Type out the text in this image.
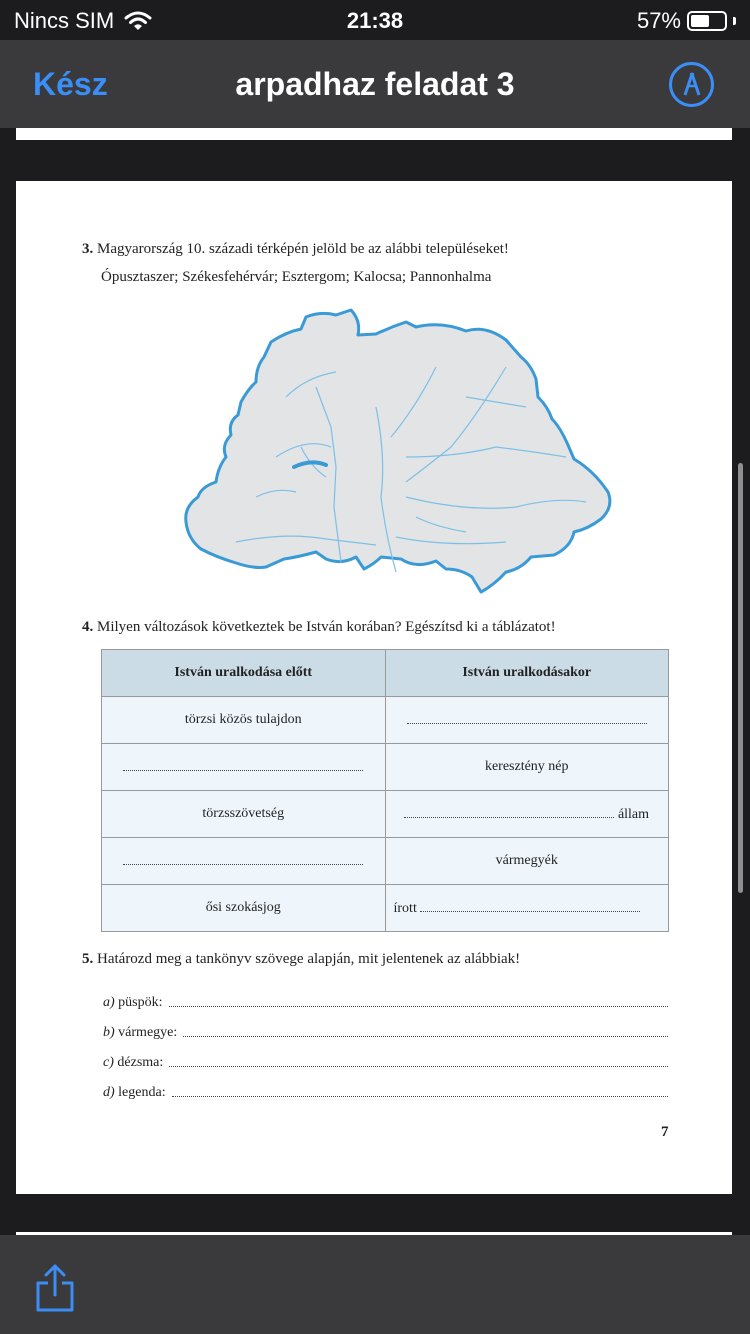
Nincs SIM	21:38	57%
Kész	arpadhaz feladat 3
3. Magyarország 10. századi térképén jelöld be az alábbi településeket!
Ópusztaszer; Székesfehérvár; Esztergom; Kalocsa; Pannonhalma
4. Milyen változások következtek be István korában? Egészítsd ki a táblázatot!
István uralkodása előtt	István uralkodásakor
törzsi közös tulajdon	
	keresztény nép
törzsszövetség	állam
	vármegyék
ősi szokásjog	írott
5. Határozd meg a tankönyv szövege alapján, mit jelentenek az alábbiak!
a) püspök:
b) vármegye:
c) dézsma:
d) legenda:
7
